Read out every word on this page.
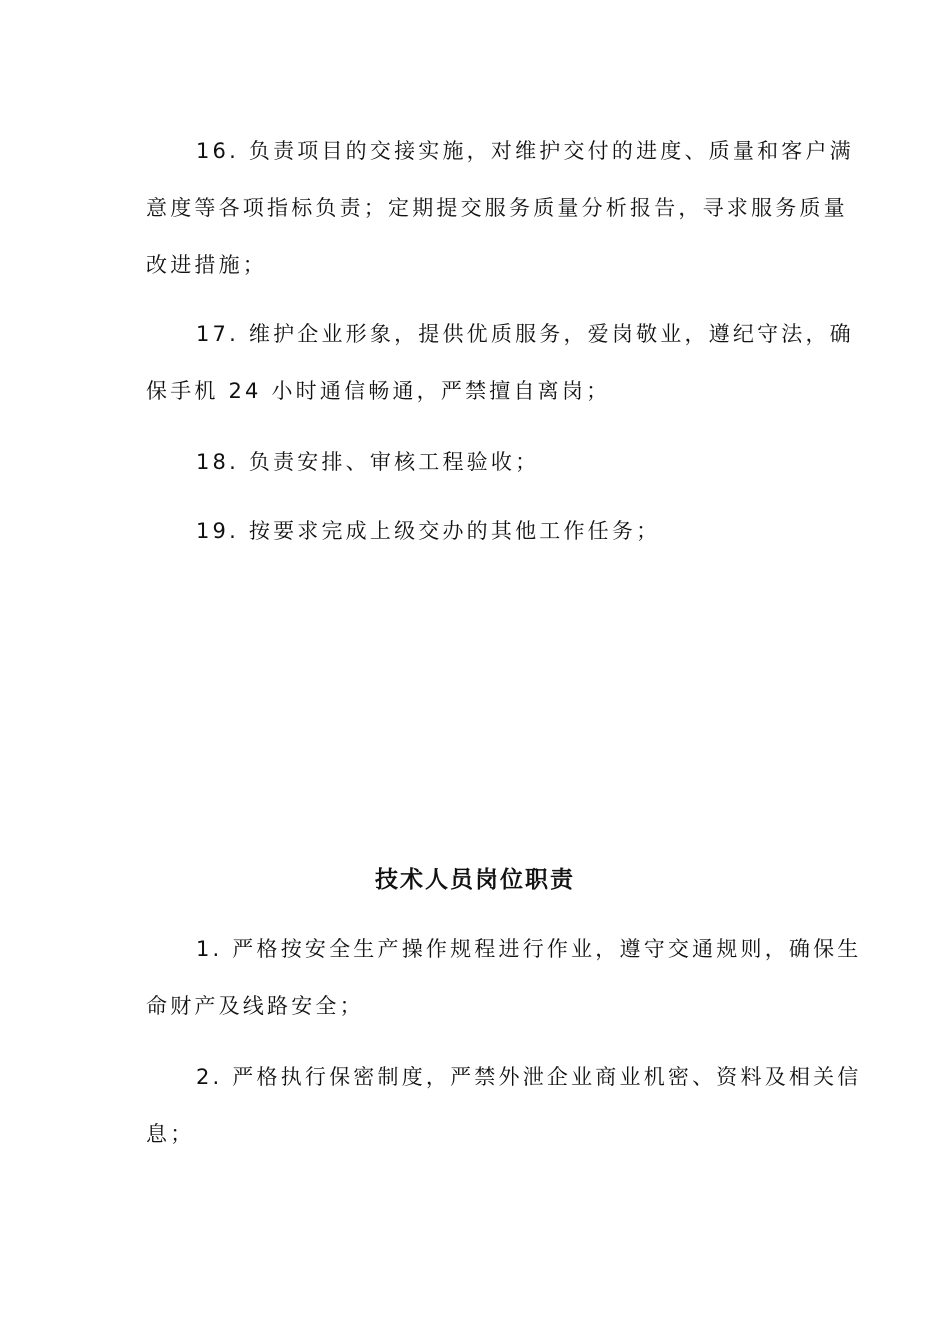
16. 负责项目的交接实施，对维护交付的进度、质量和客户满
意度等各项指标负责；定期提交服务质量分析报告，寻求服务质量
改进措施；
17. 维护企业形象，提供优质服务，爱岗敬业，遵纪守法，确
保手机 24 小时通信畅通，严禁擅自离岗；
18. 负责安排、审核工程验收；
19. 按要求完成上级交办的其他工作任务；
技术人员岗位职责
1. 严格按安全生产操作规程进行作业，遵守交通规则，确保生
命财产及线路安全；
2. 严格执行保密制度，严禁外泄企业商业机密、资料及相关信
息；
